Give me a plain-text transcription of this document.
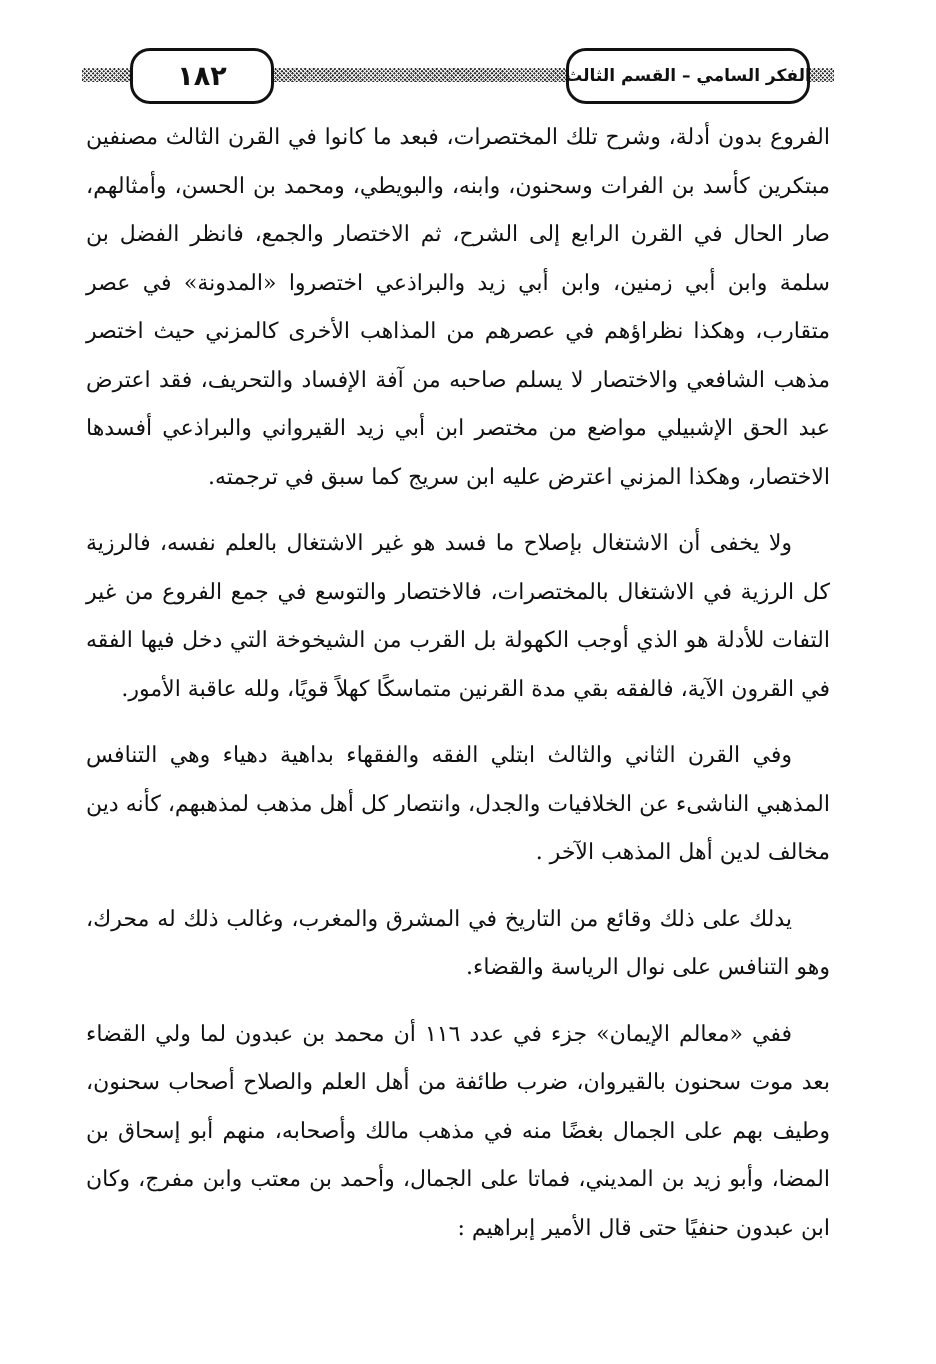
١٨٢	الفكر السامي – القسم الثالث

الفروع بدون أدلة، وشرح تلك المختصرات، فبعد ما كانوا في القرن الثالث مصنفين مبتكرين كأسد بن الفرات وسحنون، وابنه، والبويطي، ومحمد بن الحسن، وأمثالهم، صار الحال في القرن الرابع إلى الشرح، ثم الاختصار والجمع، فانظر الفضل بن سلمة وابن أبي زمنين، وابن أبي زيد والبراذعي اختصروا «المدونة» في عصر متقارب، وهكذا نظراؤهم في عصرهم من المذاهب الأخرى كالمزني حيث اختصر مذهب الشافعي والاختصار لا يسلم صاحبه من آفة الإفساد والتحريف، فقد اعترض عبد الحق الإشبيلي مواضع من مختصر ابن أبي زيد القيرواني والبراذعي أفسدها الاختصار، وهكذا المزني اعترض عليه ابن سريج كما سبق في ترجمته.

ولا يخفى أن الاشتغال بإصلاح ما فسد هو غير الاشتغال بالعلم نفسه، فالرزية كل الرزية في الاشتغال بالمختصرات، فالاختصار والتوسع في جمع الفروع من غير التفات للأدلة هو الذي أوجب الكهولة بل القرب من الشيخوخة التي دخل فيها الفقه في القرون الآية، فالفقه بقي مدة القرنين متماسكًا كهلاً قويًا، ولله عاقبة الأمور.

وفي القرن الثاني والثالث ابتلي الفقه والفقهاء بداهية دهياء وهي التنافس المذهبي الناشىء عن الخلافيات والجدل، وانتصار كل أهل مذهب لمذهبهم، كأنه دين مخالف لدين أهل المذهب الآخر .

يدلك على ذلك وقائع من التاريخ في المشرق والمغرب، وغالب ذلك له محرك، وهو التنافس على نوال الرياسة والقضاء.

ففي «معالم الإيمان» جزء في عدد ١١٦ أن محمد بن عبدون لما ولي القضاء بعد موت سحنون بالقيروان، ضرب طائفة من أهل العلم والصلاح أصحاب سحنون، وطيف بهم على الجمال بغضًا منه في مذهب مالك وأصحابه، منهم أبو إسحاق بن المضا، وأبو زيد بن المديني، فماتا على الجمال، وأحمد بن معتب وابن مفرج، وكان ابن عبدون حنفيًا حتى قال الأمير إبراهيم :
